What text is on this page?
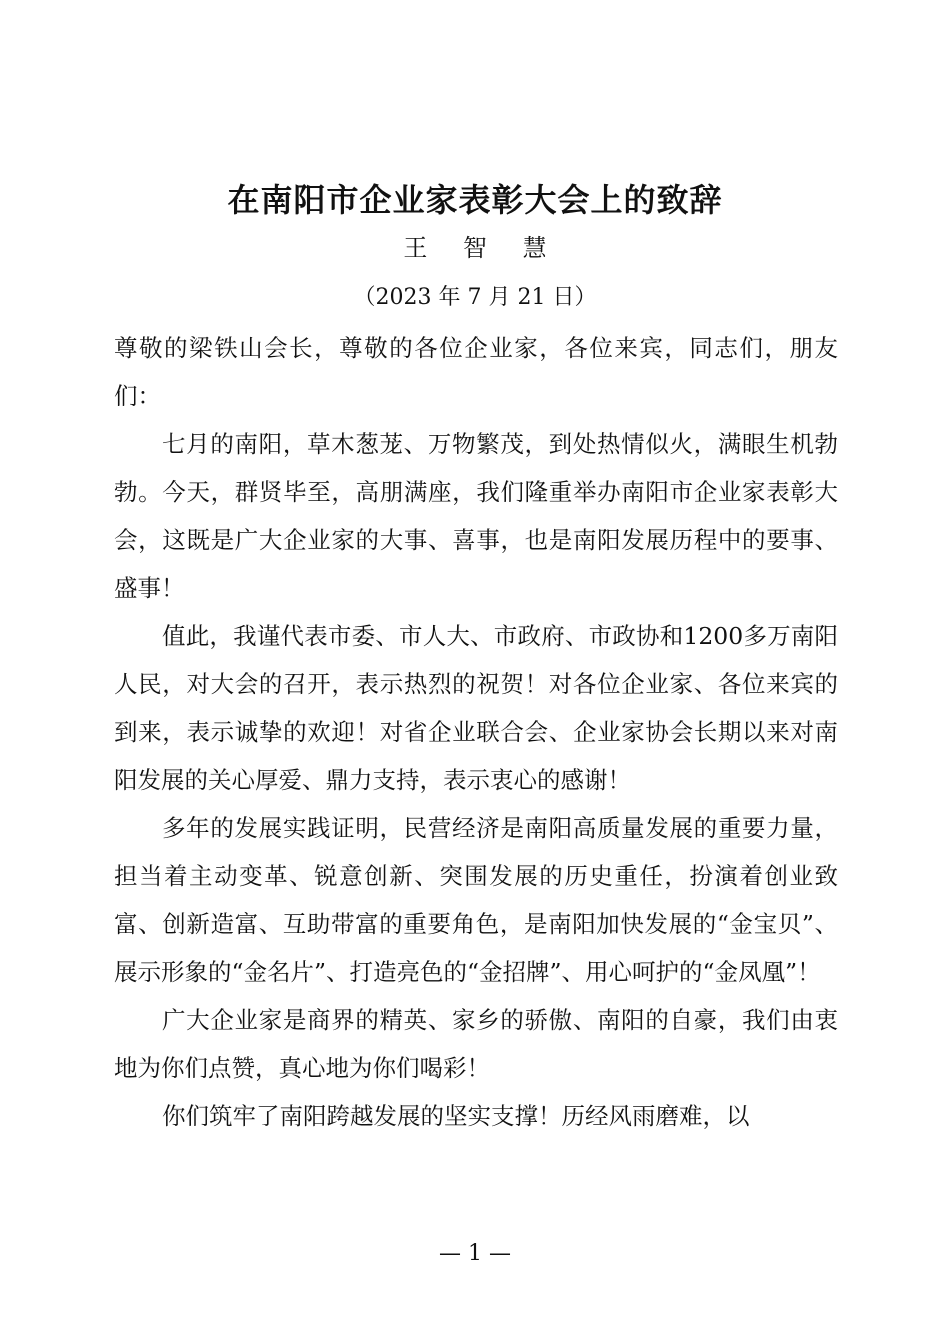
在南阳市企业家表彰大会上的致辞
王 智 慧
（2023 年 7 月 21 日）

尊敬的梁铁山会长，尊敬的各位企业家，各位来宾，同志们，朋友们：

七月的南阳，草木葱茏、万物繁茂，到处热情似火，满眼生机勃勃。今天，群贤毕至，高朋满座，我们隆重举办南阳市企业家表彰大会，这既是广大企业家的大事、喜事，也是南阳发展历程中的要事、盛事！

值此，我谨代表市委、市人大、市政府、市政协和1200多万南阳人民，对大会的召开，表示热烈的祝贺！对各位企业家、各位来宾的到来，表示诚挚的欢迎！对省企业联合会、企业家协会长期以来对南阳发展的关心厚爱、鼎力支持，表示衷心的感谢！

多年的发展实践证明，民营经济是南阳高质量发展的重要力量，担当着主动变革、锐意创新、突围发展的历史重任，扮演着创业致富、创新造富、互助带富的重要角色，是南阳加快发展的“金宝贝”、展示形象的“金名片”、打造亮色的“金招牌”、用心呵护的“金凤凰”！

广大企业家是商界的精英、家乡的骄傲、南阳的自豪，我们由衷地为你们点赞，真心地为你们喝彩！

你们筑牢了南阳跨越发展的坚实支撑！历经风雨磨难，以

— 1 —
